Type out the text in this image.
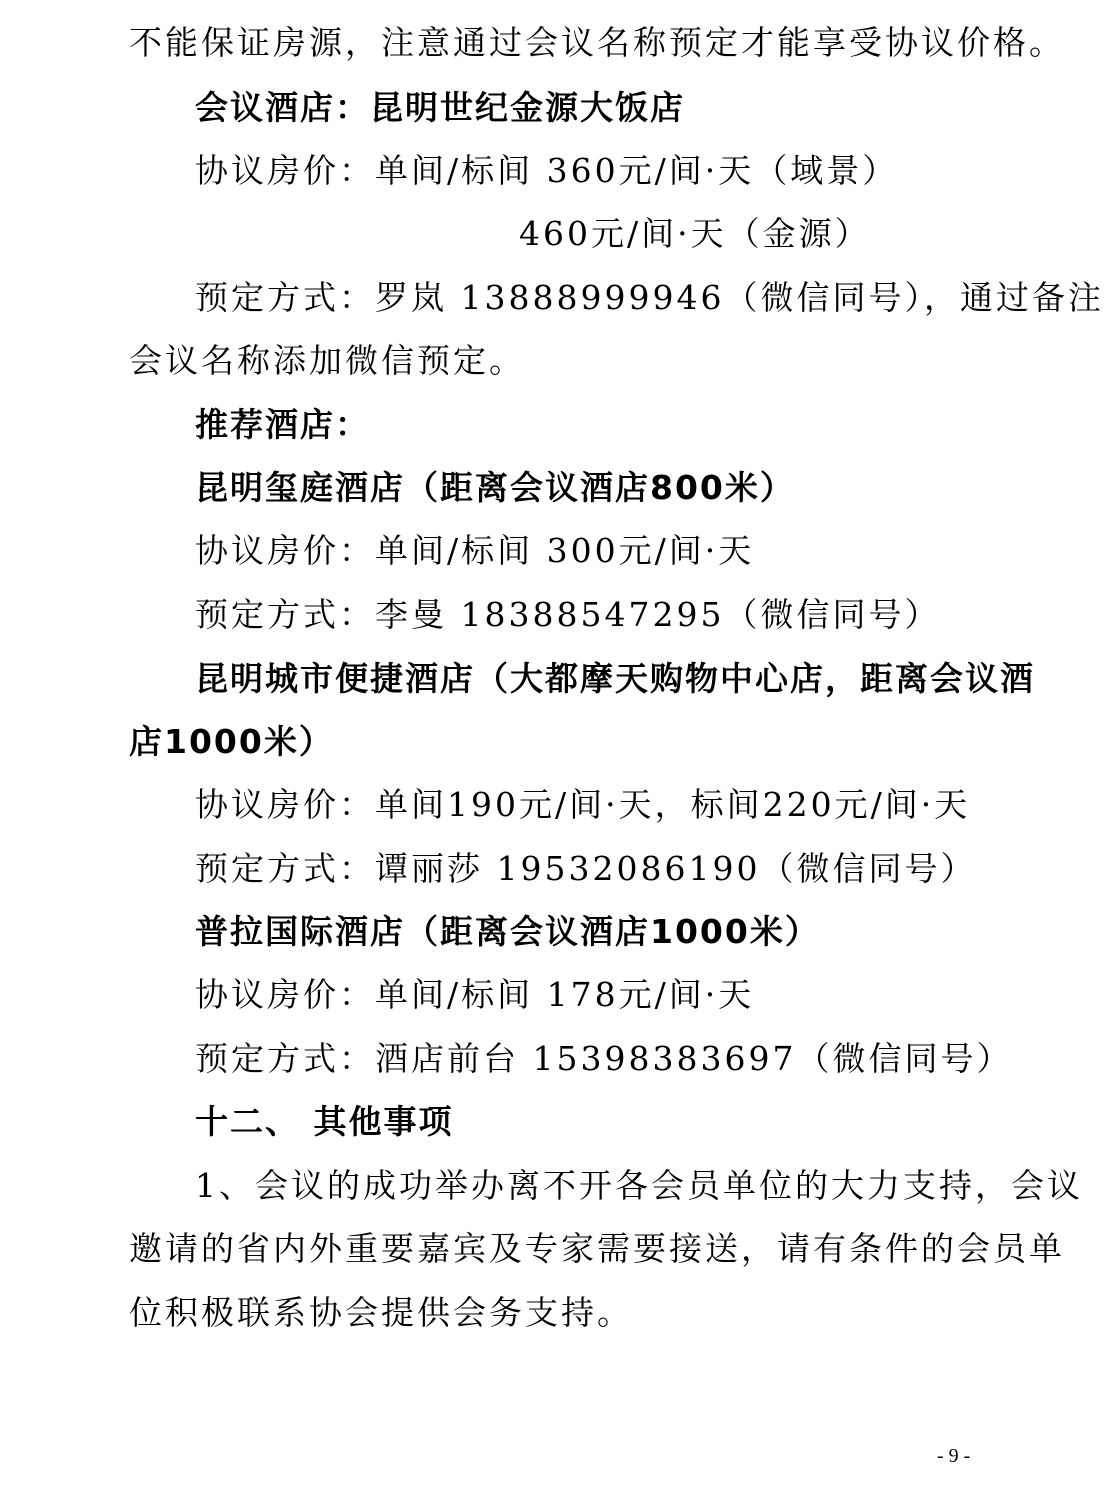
不能保证房源，注意通过会议名称预定才能享受协议价格。
会议酒店：昆明世纪金源大饭店
协议房价：单间/标间 360元/间·天（域景）
460元/间·天（金源）
预定方式：罗岚 13888999946（微信同号），通过备注
会议名称添加微信预定。
推荐酒店：
昆明玺庭酒店（距离会议酒店800米）
协议房价：单间/标间 300元/间·天
预定方式：李曼 18388547295（微信同号）
昆明城市便捷酒店（大都摩天购物中心店，距离会议酒
店1000米）
协议房价：单间190元/间·天，标间220元/间·天
预定方式：谭丽莎 19532086190（微信同号）
普拉国际酒店（距离会议酒店1000米）
协议房价：单间/标间 178元/间·天
预定方式：酒店前台 15398383697（微信同号）
十二、 其他事项
1、会议的成功举办离不开各会员单位的大力支持，会议
邀请的省内外重要嘉宾及专家需要接送，请有条件的会员单
位积极联系协会提供会务支持。
- 9 -
